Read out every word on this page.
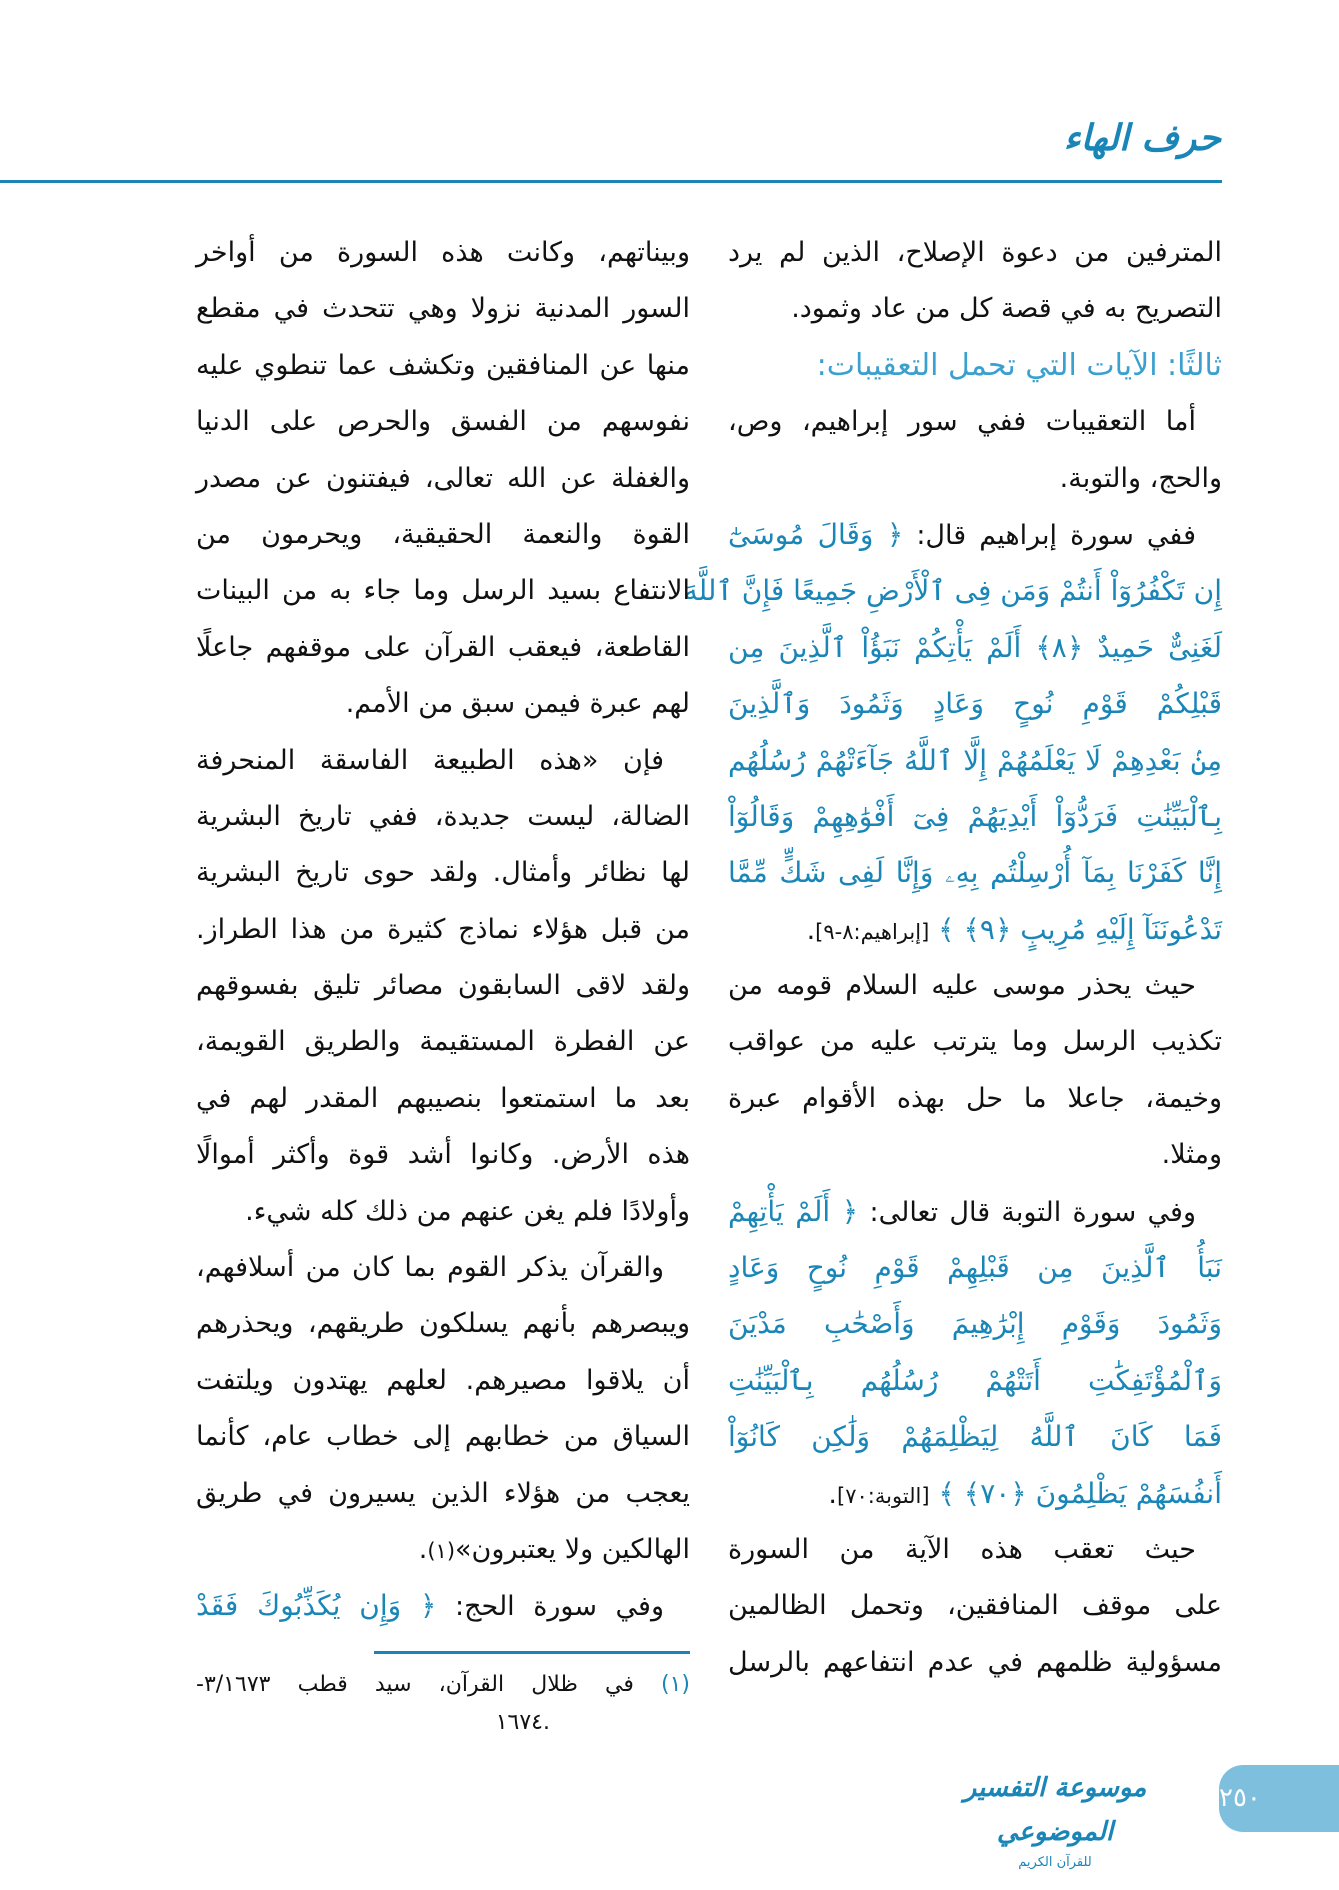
حرف الهاء
المترفين من دعوة الإصلاح، الذين لم يرد
التصريح به في قصة كل من عاد وثمود.
ثالثًا: الآيات التي تحمل التعقيبات:
أما التعقيبات ففي سور إبراهيم، وص،
والحج، والتوبة.
ففي سورة إبراهيم قال: ﴿ وَقَالَ مُوسَىٰٓ
إِن تَكْفُرُوٓاْ أَنتُمْ وَمَن فِى ٱلْأَرْضِ جَمِيعًا فَإِنَّ ٱللَّهَ
لَغَنِىٌّ حَمِيدٌ ﴿٨﴾ أَلَمْ يَأْتِكُمْ نَبَؤُاْ ٱلَّذِينَ مِن
قَبْلِكُمْ قَوْمِ نُوحٍ وَعَادٍ وَثَمُودَ وَٱلَّذِينَ
مِنۢ بَعْدِهِمْ لَا يَعْلَمُهُمْ إِلَّا ٱللَّهُ جَآءَتْهُمْ رُسُلُهُم
بِٱلْبَيِّنَٰتِ فَرَدُّوٓاْ أَيْدِيَهُمْ فِىٓ أَفْوَٰهِهِمْ وَقَالُوٓاْ
إِنَّا كَفَرْنَا بِمَآ أُرْسِلْتُم بِهِۦ وَإِنَّا لَفِى شَكٍّ مِّمَّا
تَدْعُونَنَآ إِلَيْهِ مُرِيبٍ ﴿٩﴾ ﴾ [إبراهيم:٨-٩].
حيث يحذر موسى عليه السلام قومه من
تكذيب الرسل وما يترتب عليه من عواقب
وخيمة، جاعلا ما حل بهذه الأقوام عبرة
ومثلا.
وفي سورة التوبة قال تعالى: ﴿ أَلَمْ يَأْتِهِمْ
نَبَأُ ٱلَّذِينَ مِن قَبْلِهِمْ قَوْمِ نُوحٍ وَعَادٍ
وَثَمُودَ وَقَوْمِ إِبْرَٰهِيمَ وَأَصْحَٰبِ مَدْيَنَ
وَٱلْمُؤْتَفِكَٰتِ أَتَتْهُمْ رُسُلُهُم بِٱلْبَيِّنَٰتِ
فَمَا كَانَ ٱللَّهُ لِيَظْلِمَهُمْ وَلَٰكِن كَانُوٓاْ
أَنفُسَهُمْ يَظْلِمُونَ ﴿٧٠﴾ ﴾ [التوبة:٧٠].
حيث تعقب هذه الآية من السورة
على موقف المنافقين، وتحمل الظالمين
مسؤولية ظلمهم في عدم انتفاعهم بالرسل
وبيناتهم، وكانت هذه السورة من أواخر
السور المدنية نزولا وهي تتحدث في مقطع
منها عن المنافقين وتكشف عما تنطوي عليه
نفوسهم من الفسق والحرص على الدنيا
والغفلة عن الله تعالى، فيفتنون عن مصدر
القوة والنعمة الحقيقية، ويحرمون من
الانتفاع بسيد الرسل وما جاء به من البينات
القاطعة، فيعقب القرآن على موقفهم جاعلًا
لهم عبرة فيمن سبق من الأمم.
فإن «هذه الطبيعة الفاسقة المنحرفة
الضالة، ليست جديدة، ففي تاريخ البشرية
لها نظائر وأمثال. ولقد حوى تاريخ البشرية
من قبل هؤلاء نماذج كثيرة من هذا الطراز.
ولقد لاقى السابقون مصائر تليق بفسوقهم
عن الفطرة المستقيمة والطريق القويمة،
بعد ما استمتعوا بنصيبهم المقدر لهم في
هذه الأرض. وكانوا أشد قوة وأكثر أموالًا
وأولادًا فلم يغن عنهم من ذلك كله شيء.
والقرآن يذكر القوم بما كان من أسلافهم،
ويبصرهم بأنهم يسلكون طريقهم، ويحذرهم
أن يلاقوا مصيرهم. لعلهم يهتدون ويلتفت
السياق من خطابهم إلى خطاب عام، كأنما
يعجب من هؤلاء الذين يسيرون في طريق
الهالكين ولا يعتبرون»(١).
وفي سورة الحج: ﴿ وَإِن يُكَذِّبُوكَ فَقَدْ
(١) في ظلال القرآن، سيد قطب ٣/١٦٧٣-
.١٦٧٤
موسوعة التفسير الموضوعي
للقرآن الكريم
٢٥٠
